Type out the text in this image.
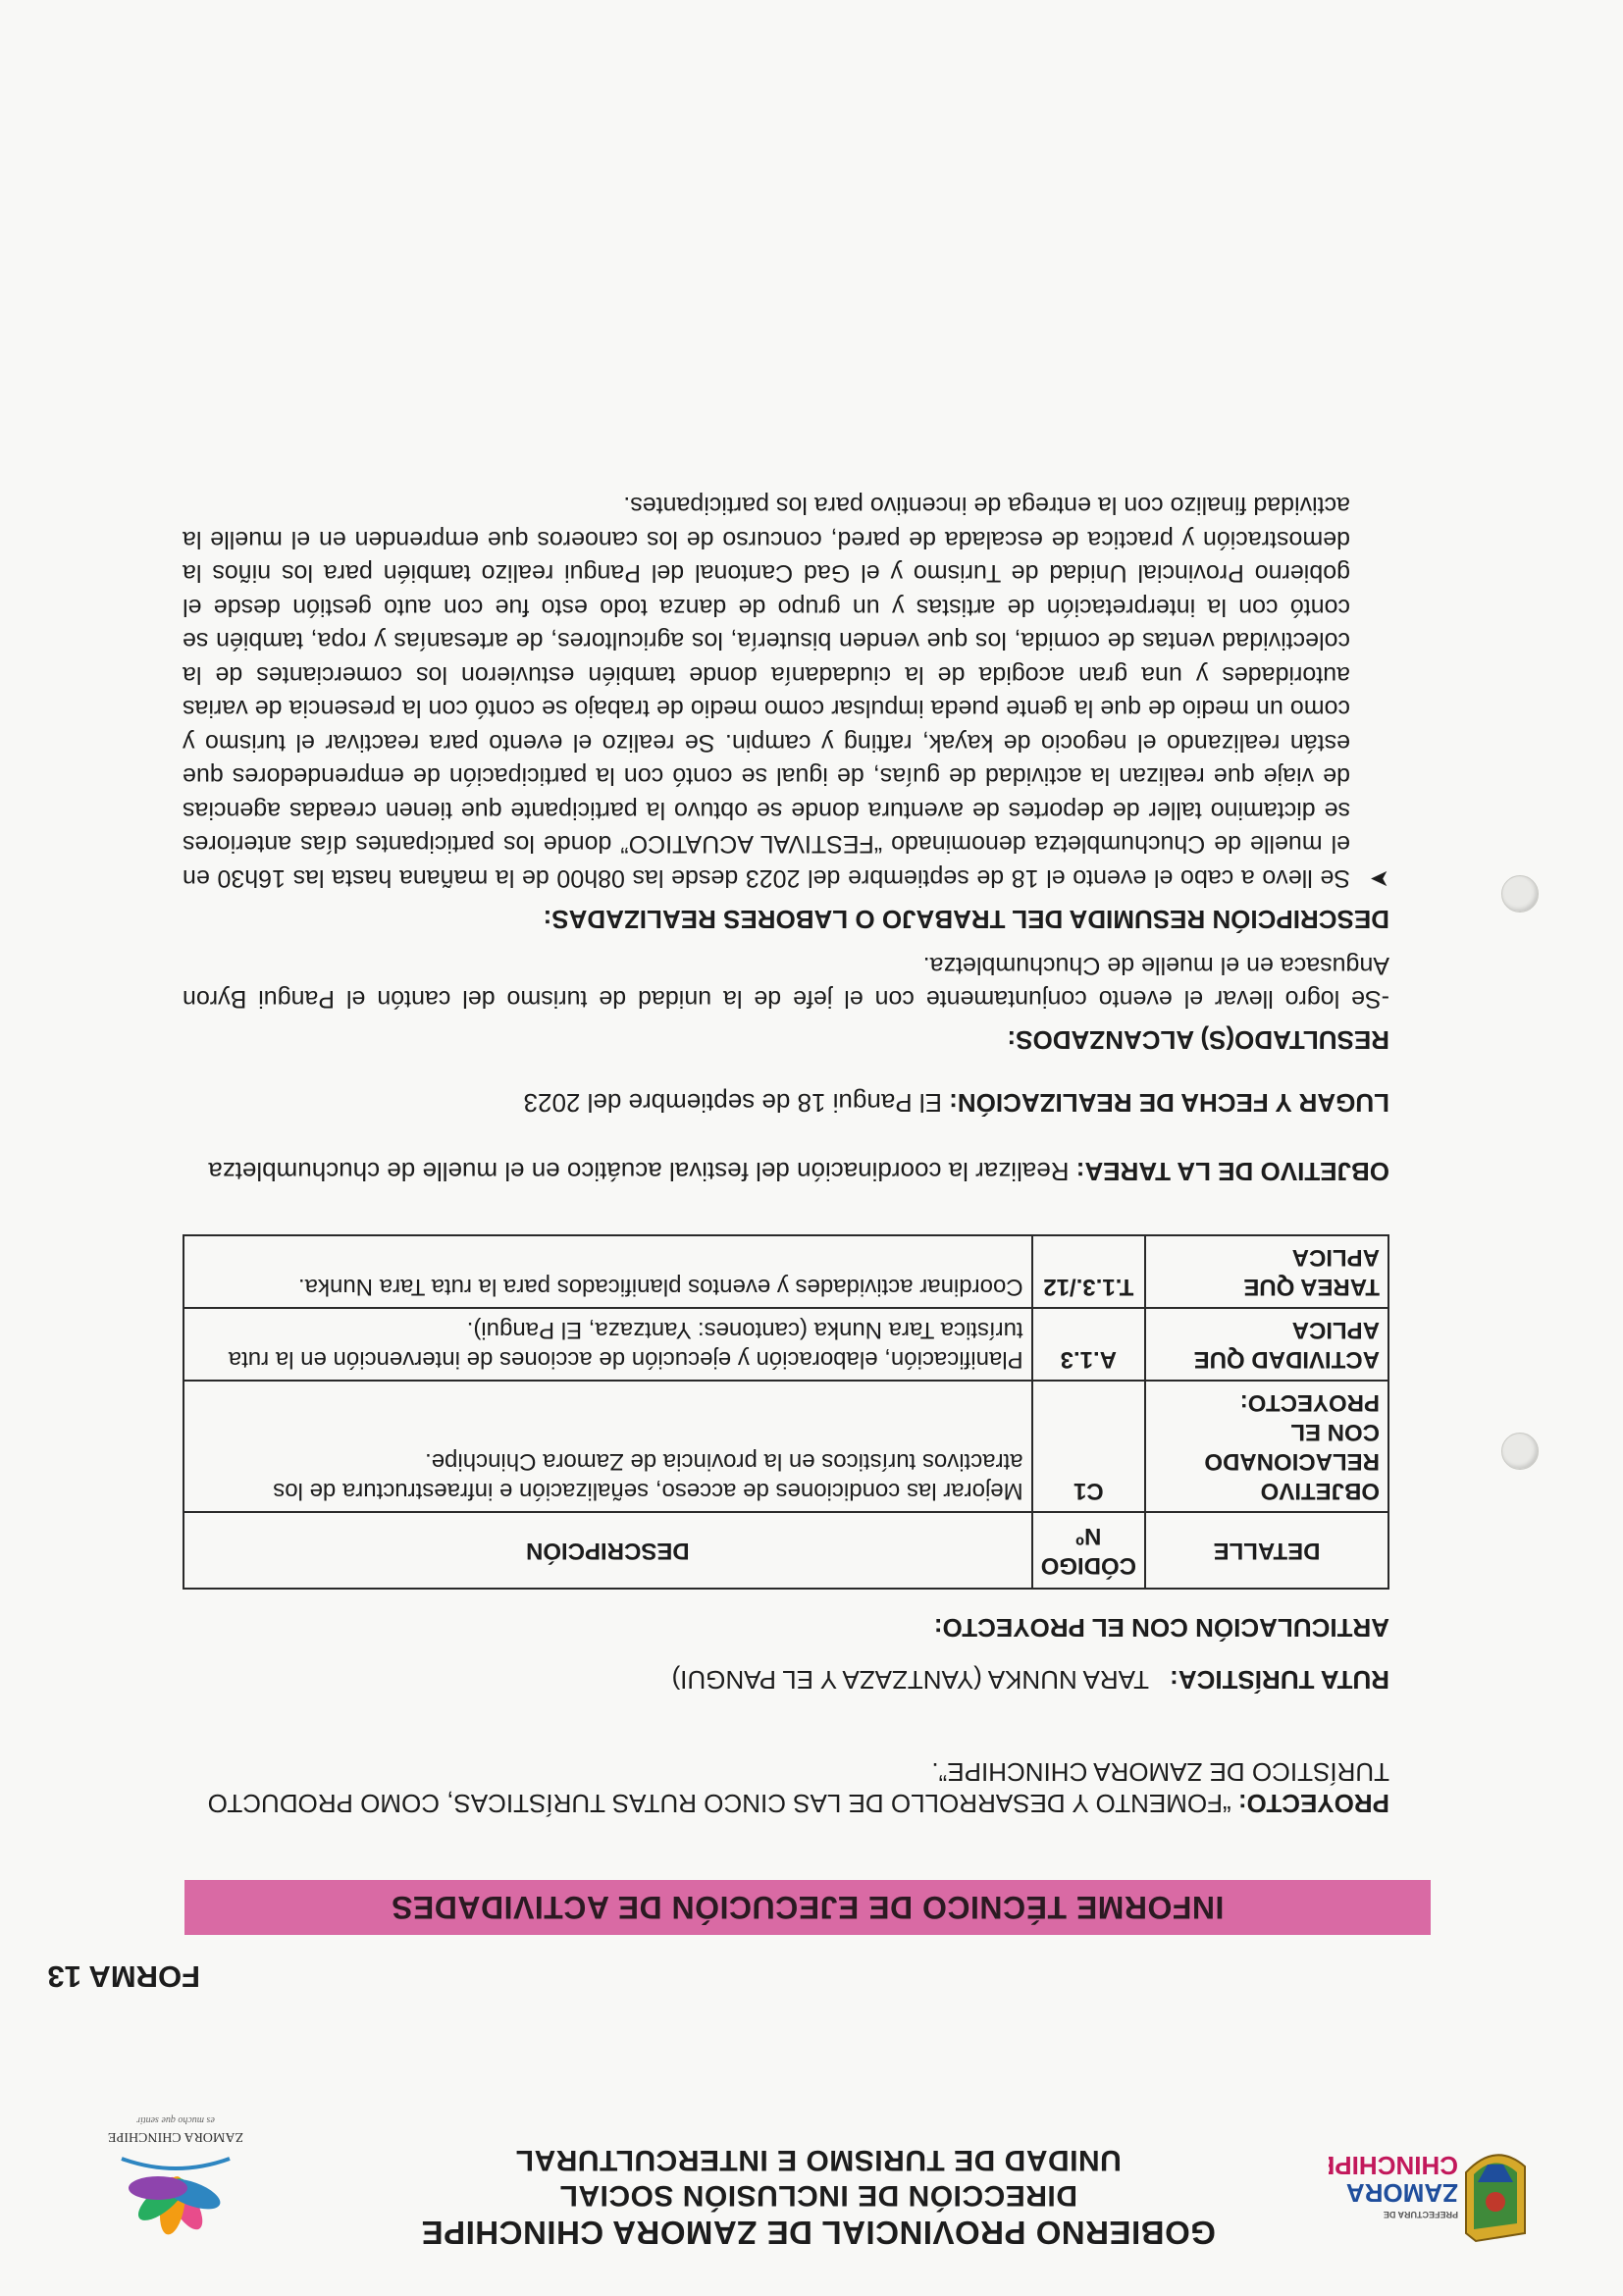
PREFECTURA DE
ZAMORA
CHINCHIPE
GOBIERNO PROVINCIAL DE ZAMORA CHINCHIPE
DIRECCIÓN DE INCLUSIÓN SOCIAL
UNIDAD DE TURISMO E INTERCULTURAL
ZAMORA CHINCHIPE
es mucho que sentir
FORMA 13
INFORME TÉCNICO DE EJECUCIÓN DE ACTIVIDADES
PROYECTO: “FOMENTO Y DESARROLLO DE LAS CINCO RUTAS TURÍSTICAS, COMO PRODUCTO TURÍSTICO DE ZAMORA CHINCHIPE”.
RUTA TURÍSTICA:   TARA NUNKA (YANTZAZA Y EL PANGUI)
ARTICULACIÓN CON EL PROYECTO:
DETALLE	CÓDIGO Nº	DESCRIPCIÓN
OBJETIVO RELACIONADO CON EL PROYECTO:	C1	Mejorar las condiciones de acceso, señalización e infraestructura de los atractivos turísticos en la provincia de Zamora Chinchipe.
ACTIVIDAD QUE APLICA	A.1.3	Planificación, elaboración y ejecución de acciones de intervención en la ruta turística Tara Nunka (cantones: Yantzaza, El Pangui).
TAREA QUE APLICA	T.1.3./12	Coordinar actividades y eventos planificados para la ruta Tara Nunka.
OBJETIVO DE LA TAREA: Realizar la coordinación del festival acuático en el muelle de chuchumbletza
LUGAR Y FECHA DE REALIZACIÓN: El Pangui 18 de septiembre del 2023
RESULTADO(S) ALCANZADOS:
-Se logro llevar el evento conjuntamente con el jefe de la unidad de turismo del cantón el Pangui Byron Angusaca en el muelle de Chuchumbletza.
DESCRIPCIÓN RESUMIDA DEL TRABAJO O LABORES REALIZADAS:
➤
Se llevo a cabo el evento el 18 de septiembre del 2023 desde las 08h00 de la mañana hasta las 16h30 en el muelle de Chuchumbletza denominado “FESTIVAL ACUATICO” donde los participantes días anteriores se dictamino taller de deportes de aventura donde se obtuvo la participante que tienen creadas agencias de viaje que realizan la actividad de guías, de igual se contó con la participación de emprendedores que están realizando el negocio de kayak, rafting y campin. Se realizo el evento para reactivar el turismo y como un medio de que la gente pueda impulsar como medio de trabajo se contó con la presencia de varias autoridades y una gran acogida de la ciudadanía donde también estuvieron los comerciantes de la colectividad ventas de comida, los que venden bisutería, los agricultores, de artesanías y ropa, también se contó con la interpretación de artistas y un grupo de danza todo esto fue con auto gestión desde el gobierno Provincial Unidad de Turismo y el Gad Cantonal del Pangui realizo también para los niños la demostración y practica de escalada de pared, concurso de los canoeros que emprenden en el muelle la actividad finalizo con la entrega de incentivo para los participantes.
